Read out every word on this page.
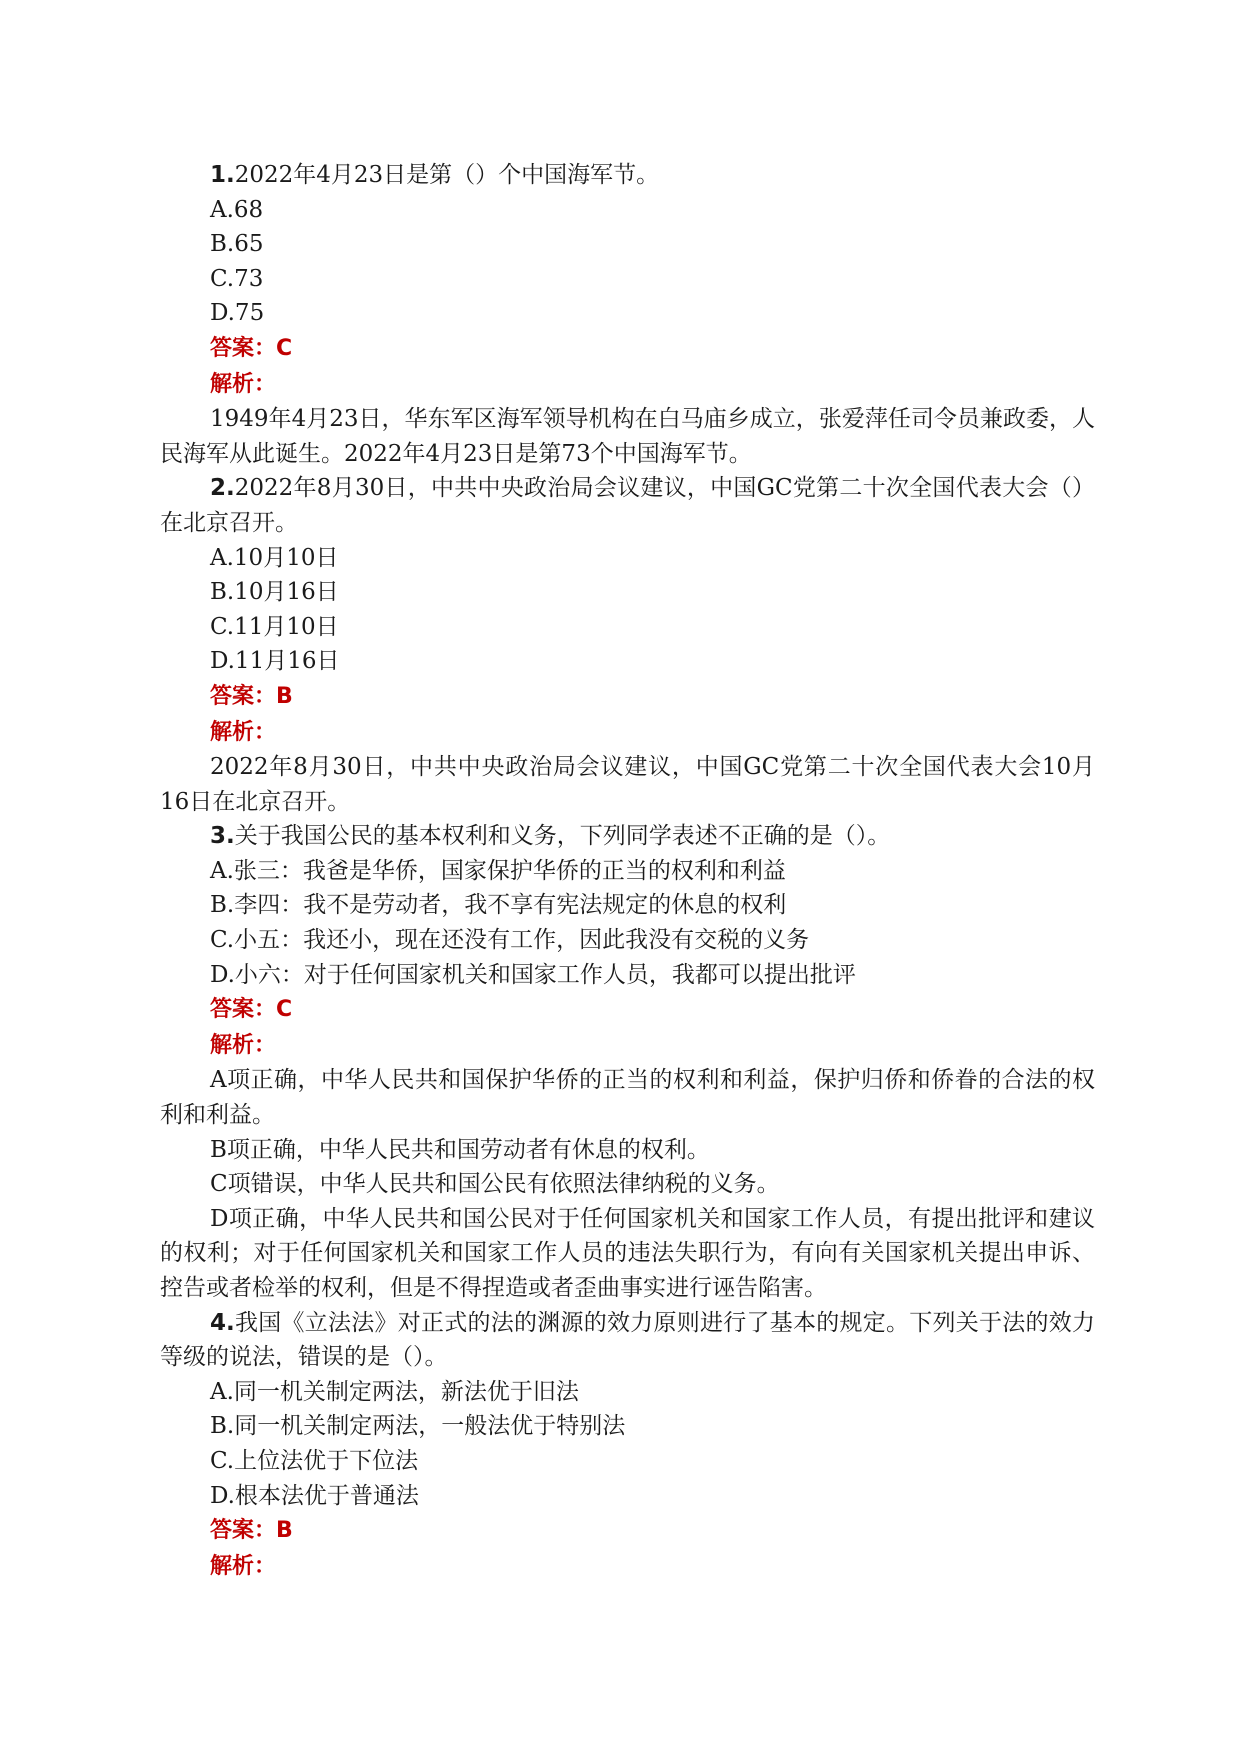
1.2022年4月23日是第（）个中国海军节。

A.68

B.65

C.73

D.75

答案：C

解析：

1949年4月23日，华东军区海军领导机构在白马庙乡成立，张爱萍任司令员兼政委，人民海军从此诞生。2022年4月23日是第73个中国海军节。

2.2022年8月30日，中共中央政治局会议建议，中国GC党第二十次全国代表大会（）在北京召开。

A.10月10日

B.10月16日

C.11月10日

D.11月16日

答案：B

解析：

2022年8月30日，中共中央政治局会议建议，中国GC党第二十次全国代表大会10月16日在北京召开。

3.关于我国公民的基本权利和义务，下列同学表述不正确的是（）。

A.张三：我爸是华侨，国家保护华侨的正当的权利和利益

B.李四：我不是劳动者，我不享有宪法规定的休息的权利

C.小五：我还小，现在还没有工作，因此我没有交税的义务

D.小六：对于任何国家机关和国家工作人员，我都可以提出批评

答案：C

解析：

A项正确，中华人民共和国保护华侨的正当的权利和利益，保护归侨和侨眷的合法的权利和利益。

B项正确，中华人民共和国劳动者有休息的权利。

C项错误，中华人民共和国公民有依照法律纳税的义务。

D项正确，中华人民共和国公民对于任何国家机关和国家工作人员，有提出批评和建议的权利；对于任何国家机关和国家工作人员的违法失职行为，有向有关国家机关提出申诉、控告或者检举的权利，但是不得捏造或者歪曲事实进行诬告陷害。

4.我国《立法法》对正式的法的渊源的效力原则进行了基本的规定。下列关于法的效力等级的说法，错误的是（）。

A.同一机关制定两法，新法优于旧法

B.同一机关制定两法，一般法优于特别法

C.上位法优于下位法

D.根本法优于普通法

答案：B

解析：
